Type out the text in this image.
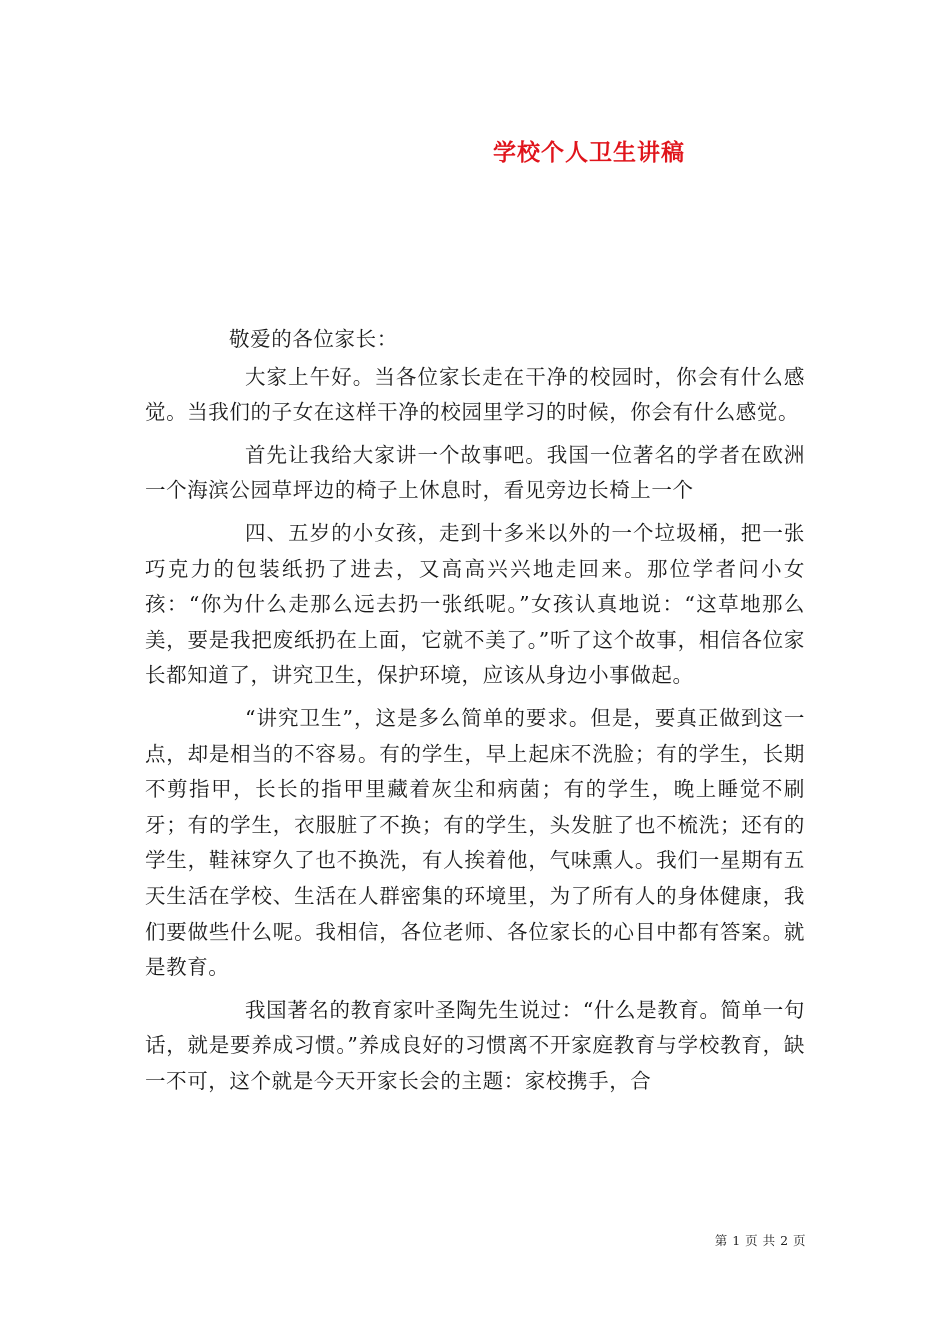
学校个人卫生讲稿

敬爱的各位家长：

大家上午好。当各位家长走在干净的校园时，你会有什么感觉。当我们的子女在这样干净的校园里学习的时候，你会有什么感觉。

首先让我给大家讲一个故事吧。我国一位著名的学者在欧洲一个海滨公园草坪边的椅子上休息时，看见旁边长椅上一个

四、五岁的小女孩，走到十多米以外的一个垃圾桶，把一张巧克力的包装纸扔了进去，又高高兴兴地走回来。那位学者问小女孩：“你为什么走那么远去扔一张纸呢。”女孩认真地说：“这草地那么美，要是我把废纸扔在上面，它就不美了。”听了这个故事，相信各位家长都知道了，讲究卫生，保护环境，应该从身边小事做起。

“讲究卫生”，这是多么简单的要求。但是，要真正做到这一点，却是相当的不容易。有的学生，早上起床不洗脸；有的学生，长期不剪指甲，长长的指甲里藏着灰尘和病菌；有的学生，晚上睡觉不刷牙；有的学生，衣服脏了不换；有的学生，头发脏了也不梳洗；还有的学生，鞋袜穿久了也不换洗，有人挨着他，气味熏人。我们一星期有五天生活在学校、生活在人群密集的环境里，为了所有人的身体健康，我们要做些什么呢。我相信，各位老师、各位家长的心目中都有答案。就是教育。

我国著名的教育家叶圣陶先生说过：“什么是教育。简单一句话，就是要养成习惯。”养成良好的习惯离不开家庭教育与学校教育，缺一不可，这个就是今天开家长会的主题：家校携手，合

第 1 页 共 2 页
